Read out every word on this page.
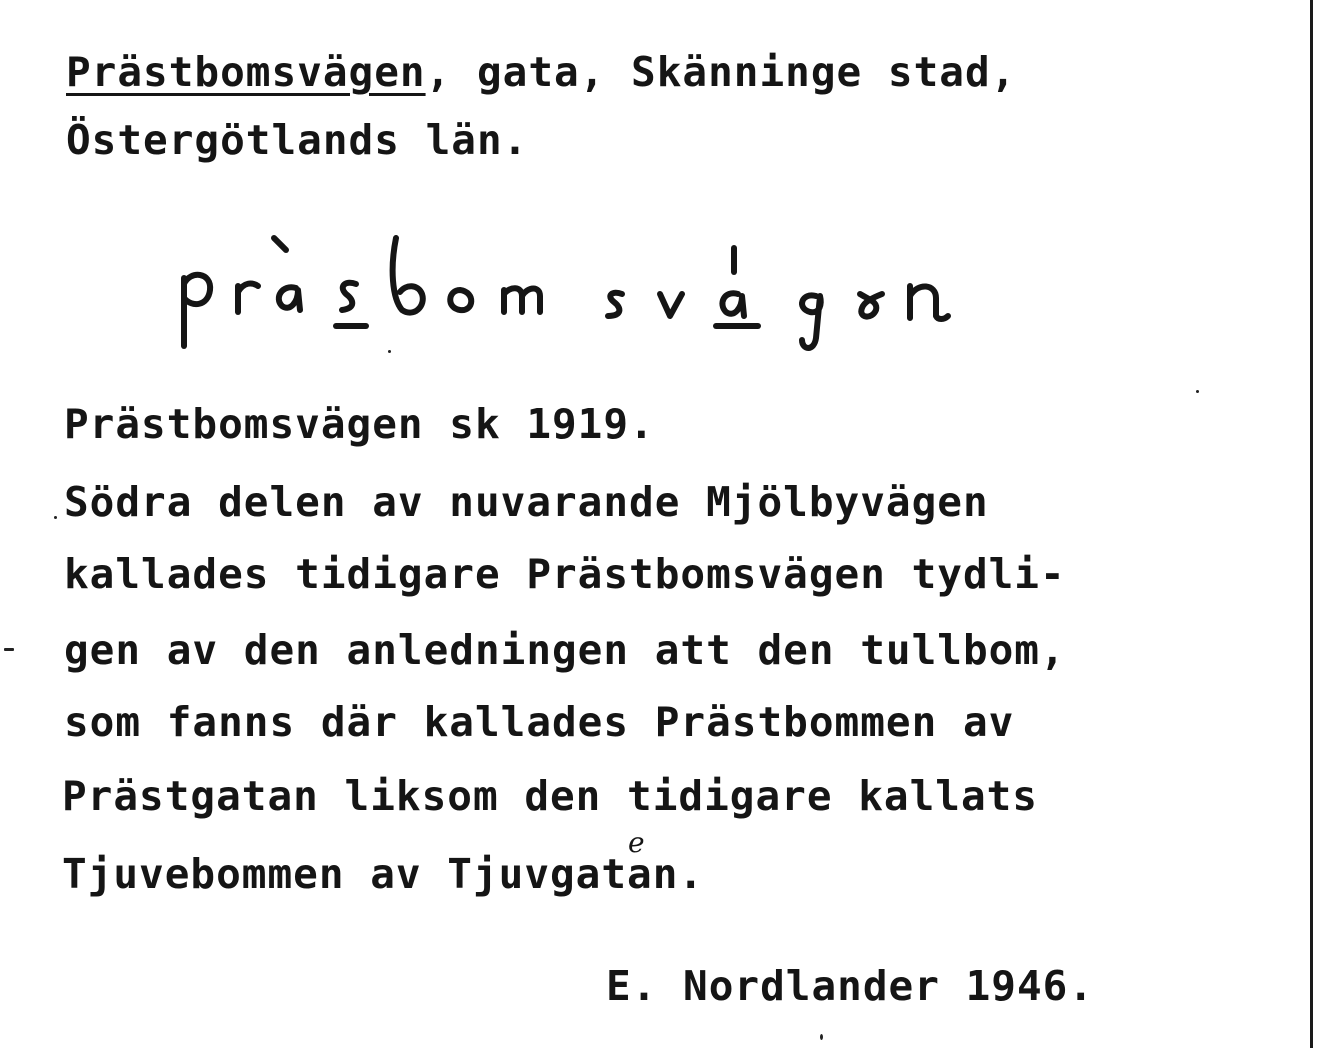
Prästbomsvägen, gata, Skänninge stad,
Östergötlands län.
Prästbomsvägen sk 1919.
Södra delen av nuvarande Mjölbyvägen
kallades tidigare Prästbomsvägen tydli-
gen av den anledningen att den tullbom,
som fanns där kallades Prästbommen av
Prästgatan liksom den tidigare kallats
Tjuvebommen av Tjuvgatan.
e
E. Nordlander 1946.
